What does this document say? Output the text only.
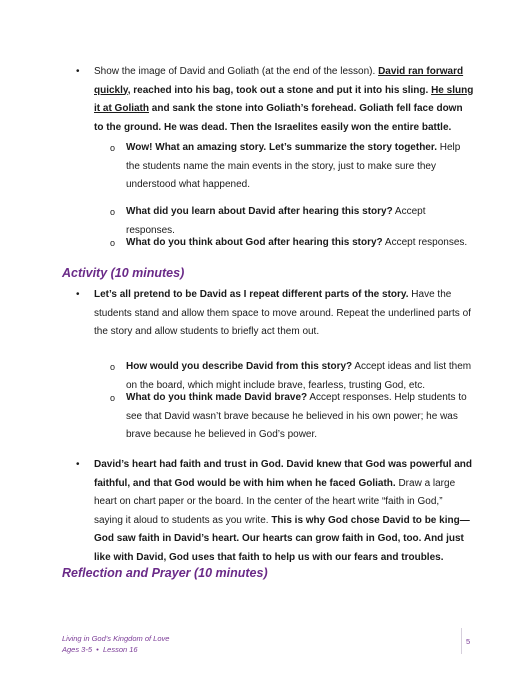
• Show the image of David and Goliath (at the end of the lesson). David ran forward quickly, reached into his bag, took out a stone and put it into his sling. He slung it at Goliath and sank the stone into Goliath’s forehead. Goliath fell face down to the ground. He was dead. Then the Israelites easily won the entire battle.
o Wow! What an amazing story. Let’s summarize the story together. Help the students name the main events in the story, just to make sure they understood what happened.
o What did you learn about David after hearing this story? Accept responses.
o What do you think about God after hearing this story? Accept responses.
Activity (10 minutes)
• Let’s all pretend to be David as I repeat different parts of the story. Have the students stand and allow them space to move around. Repeat the underlined parts of the story and allow students to briefly act them out.
o How would you describe David from this story? Accept ideas and list them on the board, which might include brave, fearless, trusting God, etc.
o What do you think made David brave? Accept responses. Help students to see that David wasn’t brave because he believed in his own power; he was brave because he believed in God’s power.
• David’s heart had faith and trust in God. David knew that God was powerful and faithful, and that God would be with him when he faced Goliath. Draw a large heart on chart paper or the board. In the center of the heart write “faith in God,” saying it aloud to students as you write. This is why God chose David to be king—God saw faith in David’s heart. Our hearts can grow faith in God, too. And just like with David, God uses that faith to help us with our fears and troubles.
Reflection and Prayer (10 minutes)
Living in God’s Kingdom of Love
Ages 3-5  •  Lesson 16
5
